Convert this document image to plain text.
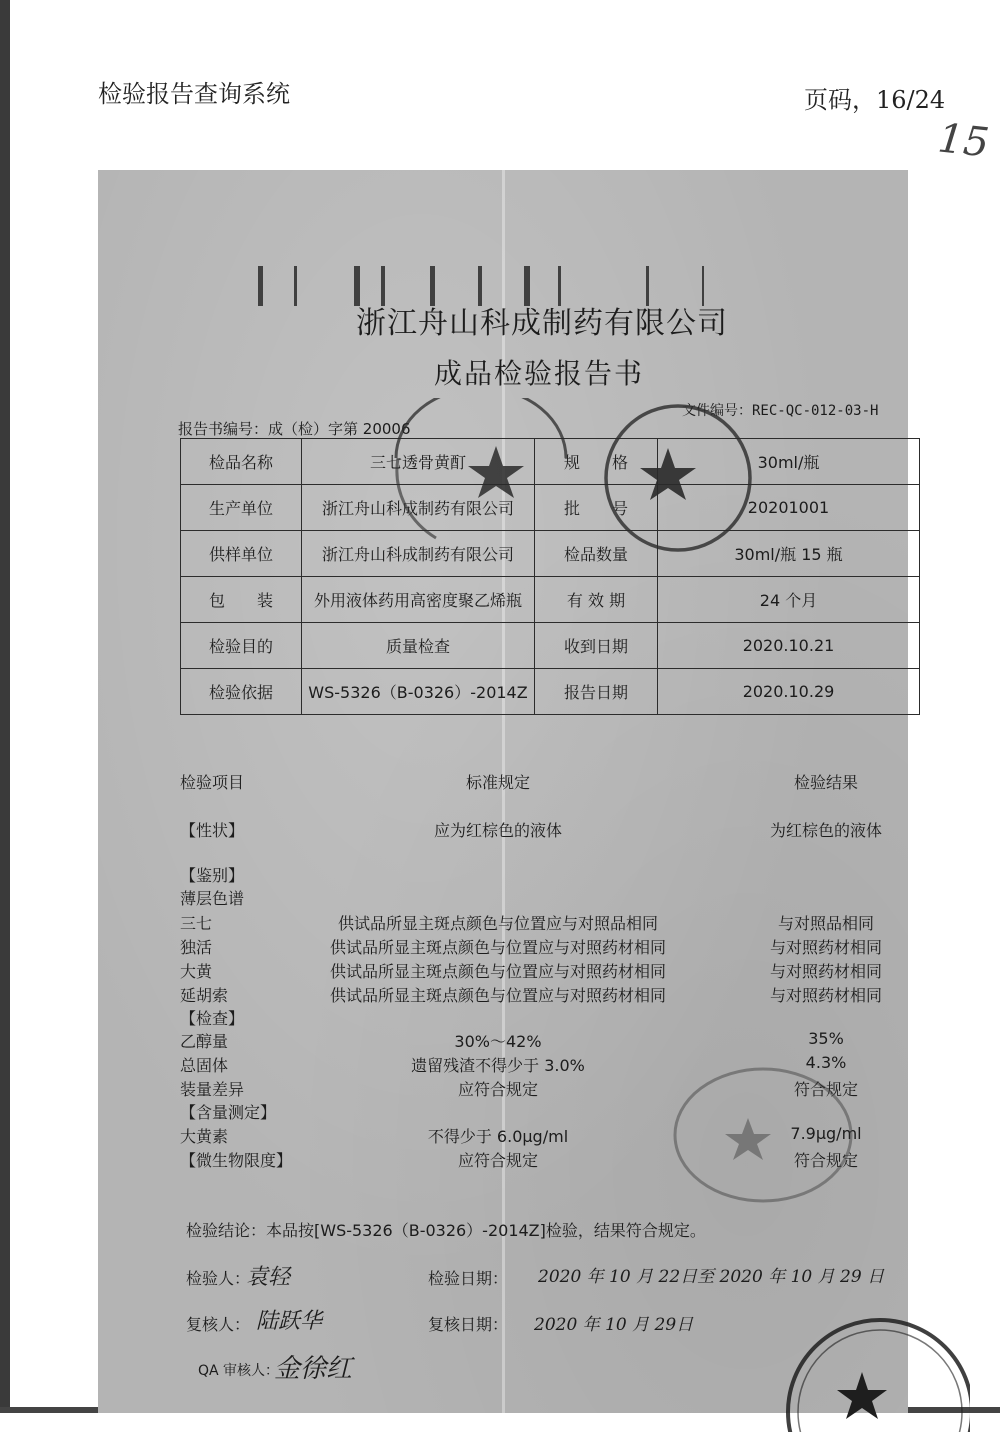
检验报告查询系统	页码，16/24
15
浙江舟山科成制药有限公司
成品检验报告书
文件编号：REC-QC-012-03-H
报告书编号：成（检）字第 20006
检品名称	三七透骨黄酊	规　　格	30ml/瓶
生产单位	浙江舟山科成制药有限公司	批　　号	20201001
供样单位	浙江舟山科成制药有限公司	检品数量	30ml/瓶 15 瓶
包　　装	外用液体药用高密度聚乙烯瓶	有 效 期	24 个月
检验目的	质量检查	收到日期	2020.10.21
检验依据	WS-5326（B-0326）-2014Z	报告日期	2020.10.29
检验项目	标准规定	检验结果
【性状】	应为红棕色的液体	为红棕色的液体
【鉴别】
薄层色谱
三七	供试品所显主斑点颜色与位置应与对照品相同	与对照品相同
独活	供试品所显主斑点颜色与位置应与对照药材相同	与对照药材相同
大黄	供试品所显主斑点颜色与位置应与对照药材相同	与对照药材相同
延胡索	供试品所显主斑点颜色与位置应与对照药材相同	与对照药材相同
【检查】
乙醇量	30%～42%	35%
总固体	遗留残渣不得少于 3.0%	4.3%
装量差异	应符合规定	符合规定
【含量测定】
大黄素	不得少于 6.0μg/ml	7.9μg/ml
【微生物限度】	应符合规定	符合规定
检验结论：本品按[WS-5326（B-0326）-2014Z]检验，结果符合规定。
检验人：
袁轻	检验日期： 2020 年 10 月 22日至 2020 年 10 月 29 日
复核人： 陆跃华	复核日期： 2020 年 10 月 29日
QA 审核人：
金徐红
